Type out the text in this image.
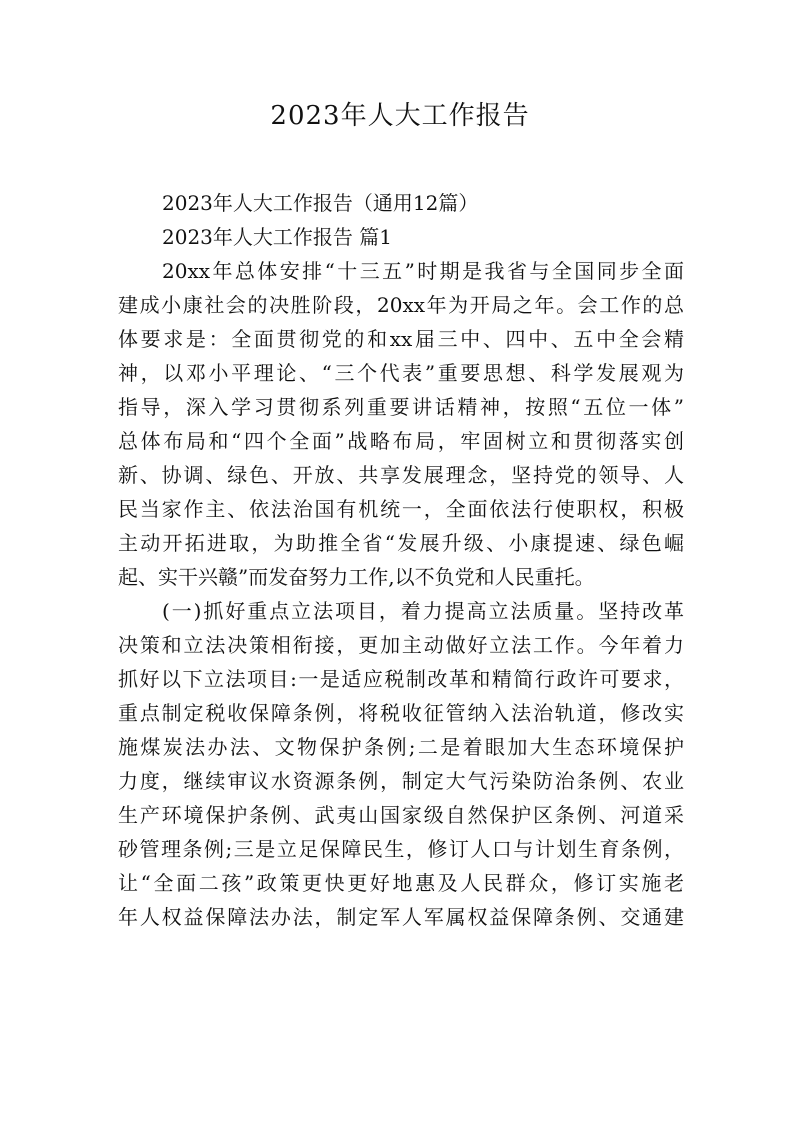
2023年人大工作报告
2023年人大工作报告（通用12篇）
2023年人大工作报告 篇1
20xx年总体安排“十三五”时期是我省与全国同步全面
建成小康社会的决胜阶段，20xx年为开局之年。会工作的总
体要求是：全面贯彻党的和xx届三中、四中、五中全会精
神，以邓小平理论、“三个代表”重要思想、科学发展观为
指导，深入学习贯彻系列重要讲话精神，按照“五位一体”
总体布局和“四个全面”战略布局，牢固树立和贯彻落实创
新、协调、绿色、开放、共享发展理念，坚持党的领导、人
民当家作主、依法治国有机统一，全面依法行使职权，积极
主动开拓进取，为助推全省“发展升级、小康提速、绿色崛
起、实干兴赣”而发奋努力工作,以不负党和人民重托。
(一)抓好重点立法项目，着力提高立法质量。坚持改革
决策和立法决策相衔接，更加主动做好立法工作。今年着力
抓好以下立法项目:一是适应税制改革和精简行政许可要求，
重点制定税收保障条例，将税收征管纳入法治轨道，修改实
施煤炭法办法、文物保护条例;二是着眼加大生态环境保护
力度，继续审议水资源条例，制定大气污染防治条例、农业
生产环境保护条例、武夷山国家级自然保护区条例、河道采
砂管理条例;三是立足保障民生，修订人口与计划生育条例，
让“全面二孩”政策更快更好地惠及人民群众，修订实施老
年人权益保障法办法，制定军人军属权益保障条例、交通建
